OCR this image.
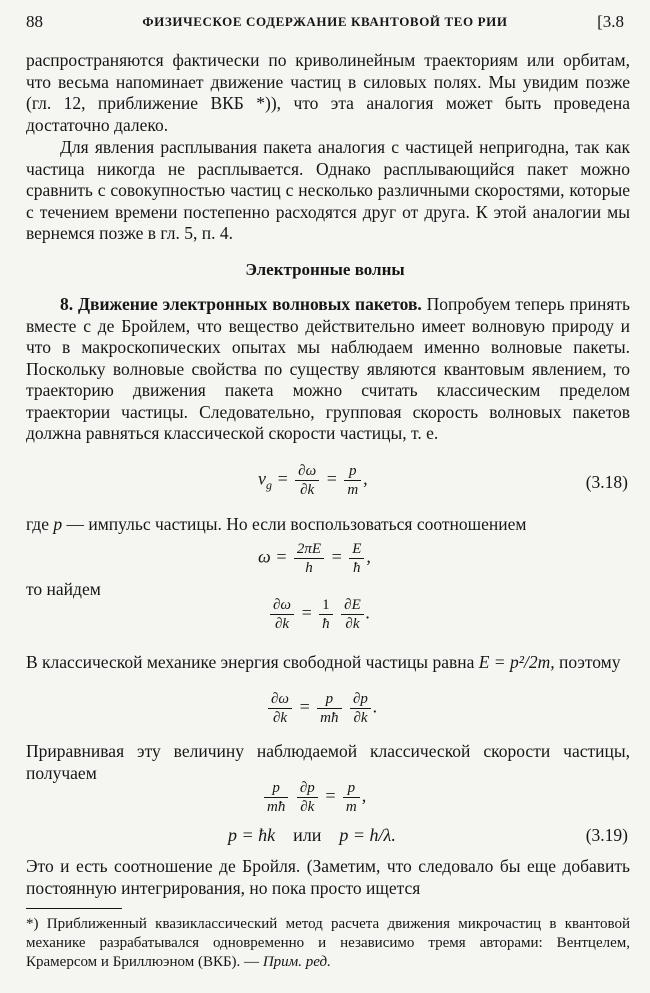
88	ФИЗИЧЕСКОЕ СОДЕРЖАНИЕ КВАНТОВОЙ ТЕО РИИ	[3.8

распространяются фактически по криволинейным траекториям или орбитам, что весьма напоминает движение частиц в силовых полях. Мы увидим позже (гл. 12, приближение ВКБ *)), что эта аналогия может быть проведена достаточно далеко.

Для явления расплывания пакета аналогия с частицей непригодна, так как частица никогда не расплывается. Однако расплывающийся пакет можно сравнить с совокупностью частиц с несколько различными скоростями, которые с течением времени постепенно расходятся друг от друга. К этой аналогии мы вернемся позже в гл. 5, п. 4.

Электронные волны

8. Движение электронных волновых пакетов. Попробуем теперь принять вместе с де Бройлем, что вещество действительно имеет волновую природу и что в макроскопических опытах мы наблюдаем именно волновые пакеты. Поскольку волновые свойства по существу являются квантовым явлением, то траекторию движения пакета можно считать классическим пределом траектории частицы. Следовательно, групповая скорость волновых пакетов должна равняться классической скорости частицы, т. е.

$v_g = \frac{\partial\omega}{\partial k} = \frac{p}{m}$ ,	(3.18)

где p — импульс частицы. Но если воспользоваться соотношением

$\omega = \frac{2\pi E}{h} = \frac{E}{ħ}$ ,

то найдем

$\frac{\partial\omega}{\partial k} = \frac{1}{ħ}$
$\frac{\partial E}{\partial k}$ .

В классической механике энергия свободной частицы равна E = p²/2m, поэтому

$\frac{\partial\omega}{\partial k} = \frac{p}{mħ}$
$\frac{\partial p}{\partial k}$ .

Приравнивая эту величину наблюдаемой классической скорости частицы, получаем

$\frac{p}{mħ}$
$\frac{\partial p}{\partial k} = \frac{p}{m}$ ,
p = ħk    или    p = h/λ.	(3.19)

Это и есть соотношение де Бройля. (Заметим, что следовало бы еще добавить постоянную интегрирования, но пока просто ищется

*) Приближенный квазиклассический метод расчета движения микрочастиц в квантовой механике разрабатывался одновременно и независимо тремя авторами: Вентцелем, Крамерсом и Бриллюэном (ВКБ). — Прим. ред.
